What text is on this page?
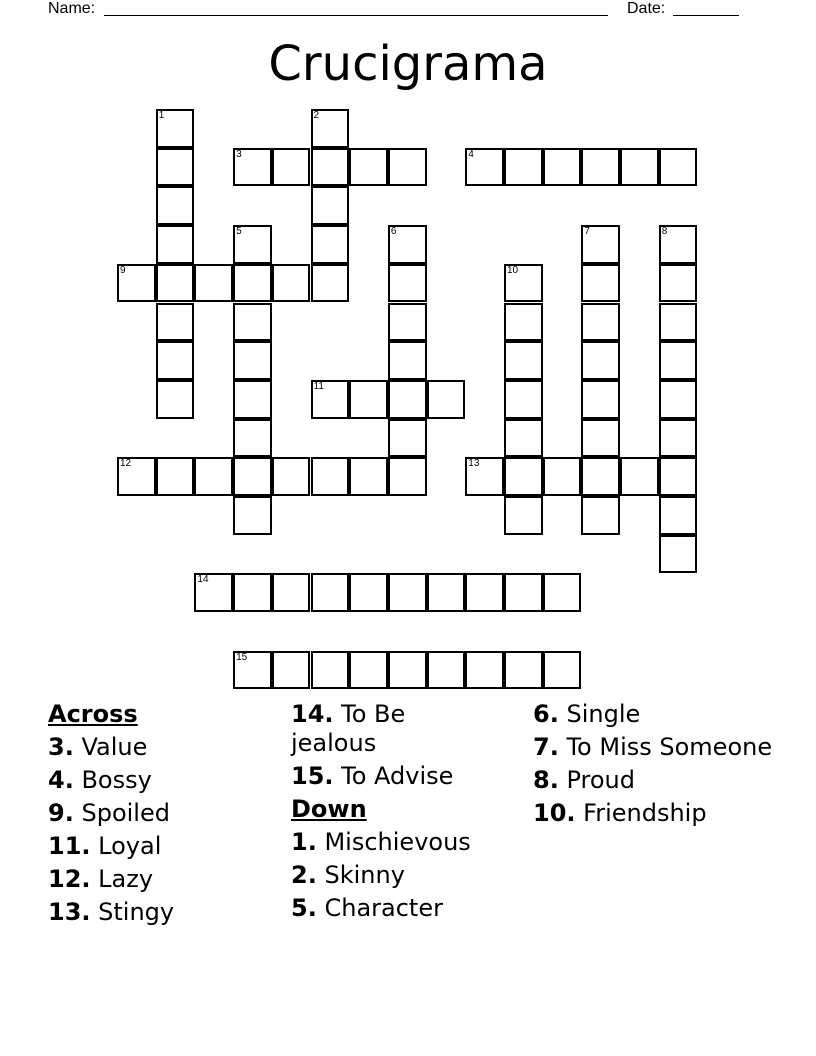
Name:	Date:
Crucigrama
1	2
3	4
5	6	7	8
9	10
11
12	13
14
15
Across
3. Value
4. Bossy
9. Spoiled
11. Loyal
12. Lazy
13. Stingy
14. To Be jealous
15. To Advise
Down
1. Mischievous
2. Skinny
5. Character
6. Single
7. To Miss Someone
8. Proud
10. Friendship
